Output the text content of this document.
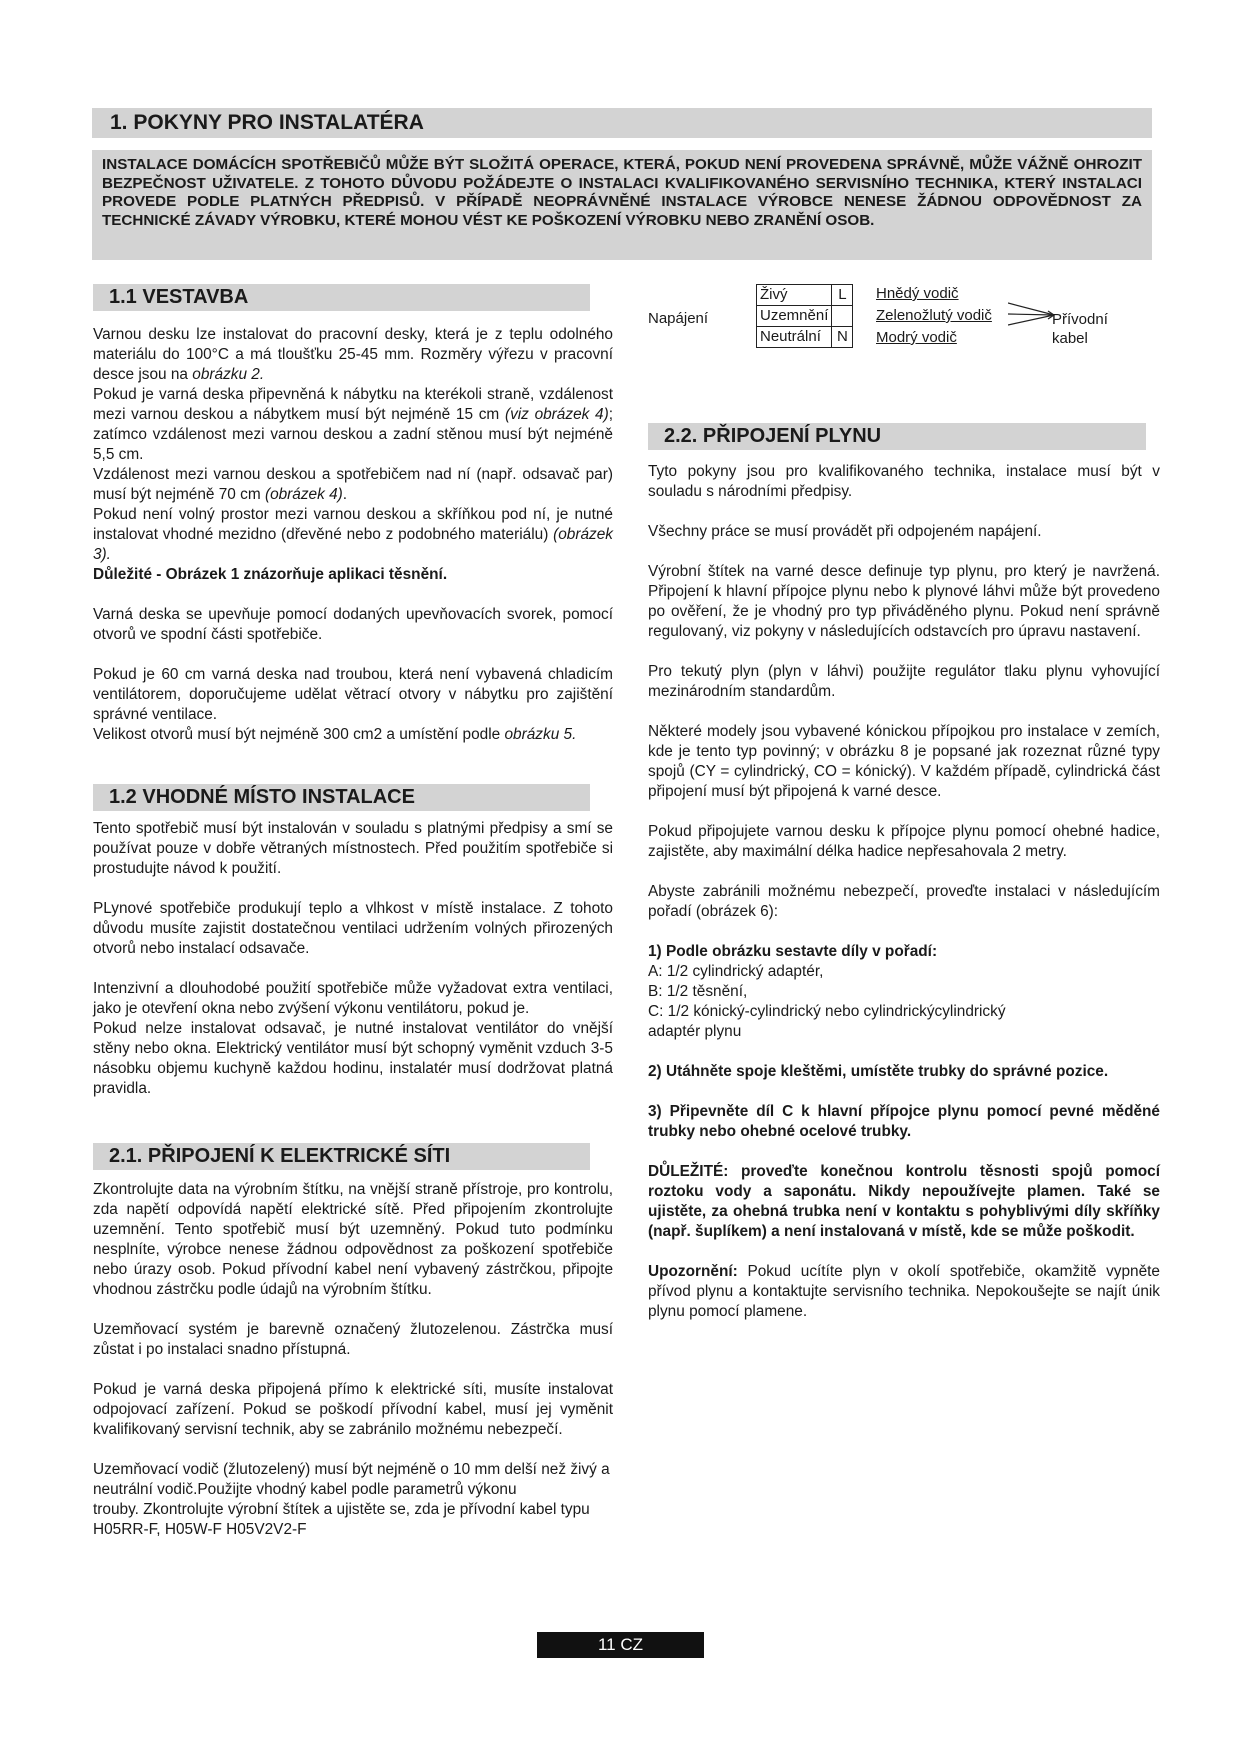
1. POKYNY PRO INSTALATÉRA
INSTALACE DOMÁCÍCH SPOTŘEBIČŮ MŮŽE BÝT SLOŽITÁ OPERACE, KTERÁ, POKUD NENÍ PROVEDENA SPRÁVNĚ, MŮŽE VÁŽNĚ OHROZIT BEZPEČNOST UŽIVATELE. Z TOHOTO DŮVODU POŽÁDEJTE O INSTALACI KVALIFIKOVANÉHO SERVISNÍHO TECHNIKA, KTERÝ INSTALACI PROVEDE PODLE PLATNÝCH PŘEDPISŮ. V PŘÍPADĚ NEOPRÁVNĚNÉ INSTALACE VÝROBCE NENESE ŽÁDNOU ODPOVĚDNOST ZA TECHNICKÉ ZÁVADY VÝROBKU, KTERÉ MOHOU VÉST KE POŠKOZENÍ VÝROBKU NEBO ZRANĚNÍ OSOB.
1.1 VESTAVBA

Varnou desku lze instalovat do pracovní desky, která je z teplu odolného materiálu do 100°C a má tloušťku 25-45 mm. Rozměry výřezu v pracovní desce jsou na obrázku 2.

Pokud je varná deska připevněná k nábytku na kterékoli straně, vzdálenost mezi varnou deskou a nábytkem musí být nejméně 15 cm (viz obrázek 4); zatímco vzdálenost mezi varnou deskou a zadní stěnou musí být nejméně 5,5 cm.

Vzdálenost mezi varnou deskou a spotřebičem nad ní (např. odsavač par) musí být nejméně 70 cm (obrázek 4).

Pokud není volný prostor mezi varnou deskou a skříňkou pod ní, je nutné instalovat vhodné mezidno (dřevěné nebo z podobného materiálu) (obrázek 3).

Důležité - Obrázek 1 znázorňuje aplikaci těsnění.

Varná deska se upevňuje pomocí dodaných upevňovacích svorek, pomocí otvorů ve spodní části spotřebiče.

Pokud je 60 cm varná deska nad troubou, která není vybavená chladicím ventilátorem, doporučujeme udělat větrací otvory v nábytku pro zajištění správné ventilace.

Velikost otvorů musí být nejméně 300 cm2 a umístění podle obrázku 5.

1.2 VHODNÉ MÍSTO INSTALACE

Tento spotřebič musí být instalován v souladu s platnými předpisy a smí se používat pouze v dobře větraných místnostech. Před použitím spotřebiče si prostudujte návod k použití.

PLynové spotřebiče produkují teplo a vlhkost v místě instalace. Z tohoto důvodu musíte zajistit dostatečnou ventilaci udržením volných přirozených otvorů nebo instalací odsavače.

Intenzivní a dlouhodobé použití spotřebiče může vyžadovat extra ventilaci, jako je otevření okna nebo zvýšení výkonu ventilátoru, pokud je.

Pokud nelze instalovat odsavač, je nutné instalovat ventilátor do vnější stěny nebo okna. Elektrický ventilátor musí být schopný vyměnit vzduch 3-5 násobku objemu kuchyně každou hodinu, instalatér musí dodržovat platná pravidla.

2.1. PŘIPOJENÍ K ELEKTRICKÉ SÍTI

Zkontrolujte data na výrobním štítku, na vnější straně přístroje, pro kontrolu, zda napětí odpovídá napětí elektrické sítě. Před připojením zkontrolujte uzemnění. Tento spotřebič musí být uzemněný. Pokud tuto podmínku nesplníte, výrobce nenese žádnou odpovědnost za poškození spotřebiče nebo úrazy osob. Pokud přívodní kabel není vybavený zástrčkou, připojte vhodnou zástrčku podle údajů na výrobním štítku.

Uzemňovací systém je barevně označený žlutozelenou. Zástrčka musí zůstat i po instalaci snadno přístupná.

Pokud je varná deska připojená přímo k elektrické síti, musíte instalovat odpojovací zařízení. Pokud se poškodí přívodní kabel, musí jej vyměnit kvalifikovaný servisní technik, aby se zabránilo možnému nebezpečí.

Uzemňovací vodič (žlutozelený) musí být nejméně o 10 mm delší než živý a neutrální vodič.Použijte vhodný kabel podle parametrů výkonu

trouby. Zkontrolujte výrobní štítek a ujistěte se, zda je přívodní kabel typu H05RR-F, H05W-F H05V2V2-F

Napájení
Živý	L
Uzemnění	
Neutrální	N
Hnědý vodič
Zelenožlutý vodič
Modrý vodič
Přívodní
kabel
2.2. PŘIPOJENÍ PLYNU

Tyto pokyny jsou pro kvalifikovaného technika, instalace musí být v souladu s národními předpisy.

Všechny práce se musí provádět při odpojeném napájení.

Výrobní štítek na varné desce definuje typ plynu, pro který je navržená. Připojení k hlavní přípojce plynu nebo k plynové láhvi může být provedeno po ověření, že je vhodný pro typ přiváděného plynu. Pokud není správně regulovaný, viz pokyny v následujících odstavcích pro úpravu nastavení.

Pro tekutý plyn (plyn v láhvi) použijte regulátor tlaku plynu vyhovující mezinárodním standardům.

Některé modely jsou vybavené kónickou přípojkou pro instalace v zemích, kde je tento typ povinný; v obrázku 8 je popsané jak rozeznat různé typy spojů (CY = cylindrický, CO = kónický). V každém případě, cylindrická část připojení musí být připojená k varné desce.

Pokud připojujete varnou desku k přípojce plynu pomocí ohebné hadice, zajistěte, aby maximální délka hadice nepřesahovala 2 metry.

Abyste zabránili možnému nebezpečí, proveďte instalaci v následujícím pořadí (obrázek 6):

1) Podle obrázku sestavte díly v pořadí:
A: 1/2 cylindrický adaptér,
B: 1/2 těsnění,
C: 1/2 kónický-cylindrický nebo cylindrickýcylindrický

adaptér plynu

2) Utáhněte spoje kleštěmi, umístěte trubky do správné pozice.

3) Připevněte díl C k hlavní přípojce plynu pomocí pevné měděné trubky nebo ohebné ocelové trubky.

DŮLEŽITÉ: proveďte konečnou kontrolu těsnosti spojů pomocí roztoku vody a saponátu. Nikdy nepoužívejte plamen. Také se ujistěte, za ohebná trubka není v kontaktu s pohyblivými díly skříňky (např. šuplíkem) a není instalovaná v místě, kde se může poškodit.

Upozornění: Pokud ucítíte plyn v okolí spotřebiče, okamžitě vypněte přívod plynu a kontaktujte servisního technika. Nepokoušejte se najít únik plynu pomocí plamene.

11 CZ
